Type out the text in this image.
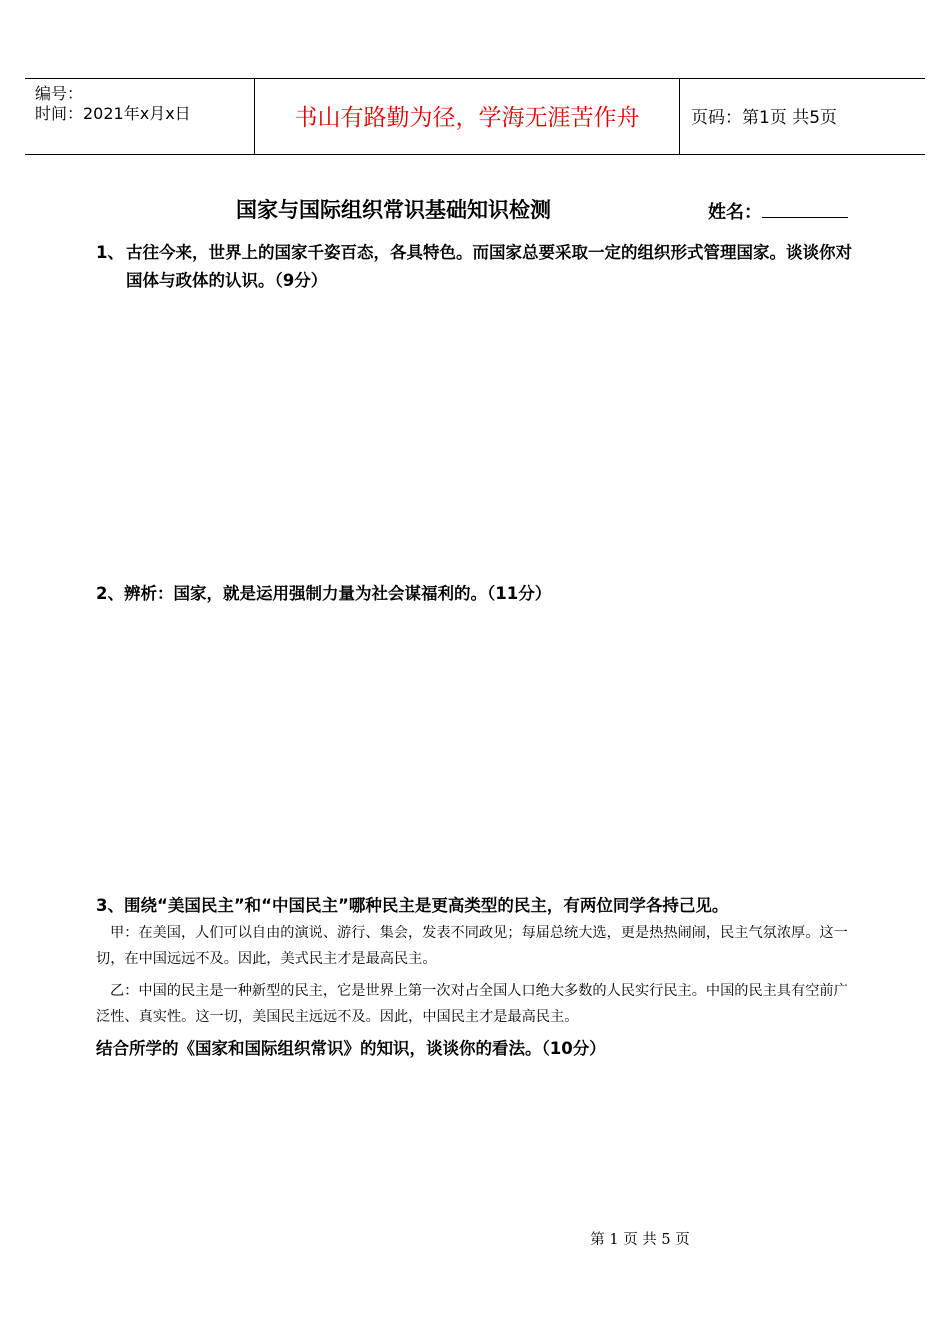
编号：
时间：2021年x月x日	书山有路勤为径，学海无涯苦作舟	页码：第1页 共5页
国家与国际组织常识基础知识检测	姓名：
1、 古往今来，世界上的国家千姿百态，各具特色。而国家总要采取一定的组织形式管理国家。谈谈你对国体与政体的认识。（9分）
2、辨析：国家，就是运用强制力量为社会谋福利的。（11分）
3、围绕“美国民主”和“中国民主”哪种民主是更高类型的民主，有两位同学各持己见。
甲：在美国，人们可以自由的演说、游行、集会，发表不同政见；每届总统大选，更是热热闹闹，民主气氛浓厚。这一切，在中国远远不及。因此，美式民主才是最高民主。
乙：中国的民主是一种新型的民主，它是世界上第一次对占全国人口绝大多数的人民实行民主。中国的民主具有空前广泛性、真实性。这一切，美国民主远远不及。因此，中国民主才是最高民主。
结合所学的《国家和国际组织常识》的知识，谈谈你的看法。（10分）
第 1 页 共 5 页
